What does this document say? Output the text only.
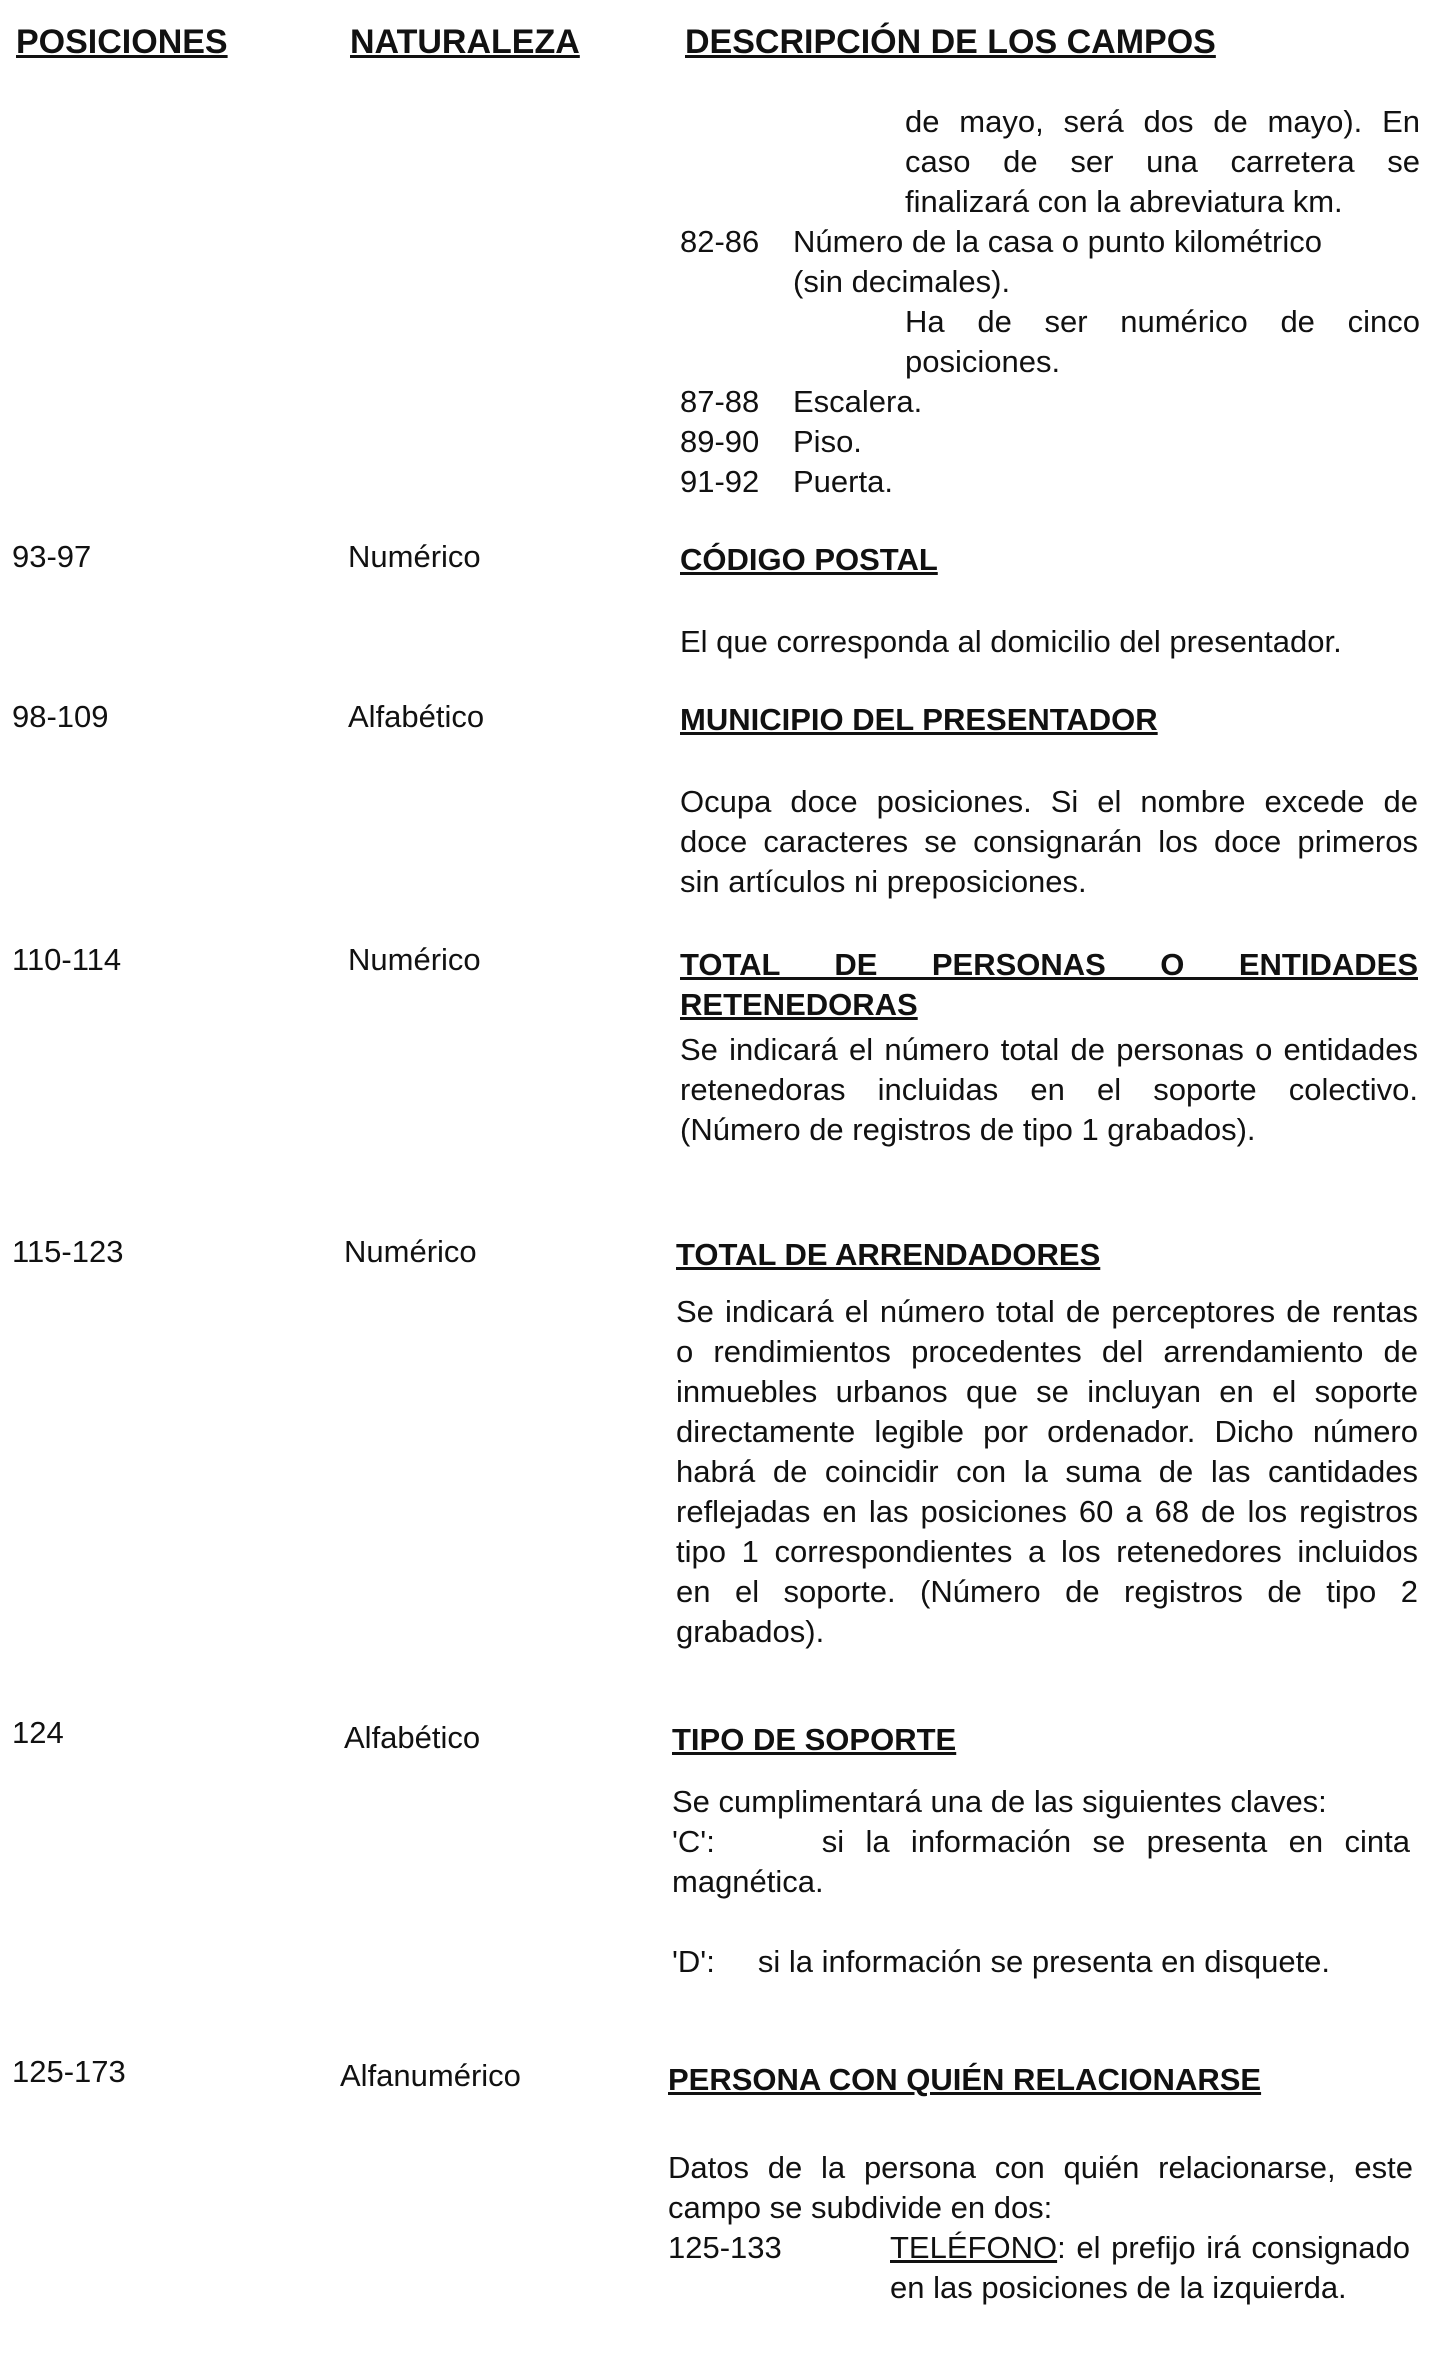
POSICIONES	NATURALEZA	DESCRIPCIÓN DE LOS CAMPOS
de mayo, será dos de mayo). En
caso de ser una carretera se
finalizará con la abreviatura km.
82-86 Número de la casa o punto kilométrico
(sin decimales).
Ha de ser numérico de cinco
posiciones.
87-88 Escalera.
89-90 Piso.
91-92 Puerta.
93-97	Numérico	CÓDIGO POSTAL
El que corresponda al domicilio del presentador.
98-109	Alfabético	MUNICIPIO DEL PRESENTADOR
Ocupa doce posiciones. Si el nombre excede de doce caracteres se consignarán los doce primeros sin artículos ni preposiciones.
110-114	Numérico	TOTAL DE PERSONAS O ENTIDADES
RETENEDORAS
Se indicará el número total de personas o entidades retenedoras incluidas en el soporte colectivo. (Número de registros de tipo 1 grabados).
115-123	Numérico	TOTAL DE ARRENDADORES
Se indicará el número total de perceptores de rentas o rendimientos procedentes del arrendamiento de inmuebles urbanos que se incluyan en el soporte directamente legible por ordenador. Dicho número habrá de coincidir con la suma de las cantidades reflejadas en las posiciones 60 a 68 de los registros tipo 1 correspondientes a los retenedores incluidos en el soporte. (Número de registros de tipo 2 grabados).
124	Alfabético	TIPO DE SOPORTE
Se cumplimentará una de las siguientes claves:
'C':	si la información se presenta en cinta magnética.
'D': si la información se presenta en disquete.
125-173	Alfanumérico	PERSONA CON QUIÉN RELACIONARSE
Datos de la persona con quién relacionarse, este campo se subdivide en dos:
125-133	TELÉFONO: el prefijo irá consignado en las posiciones de la izquierda.
